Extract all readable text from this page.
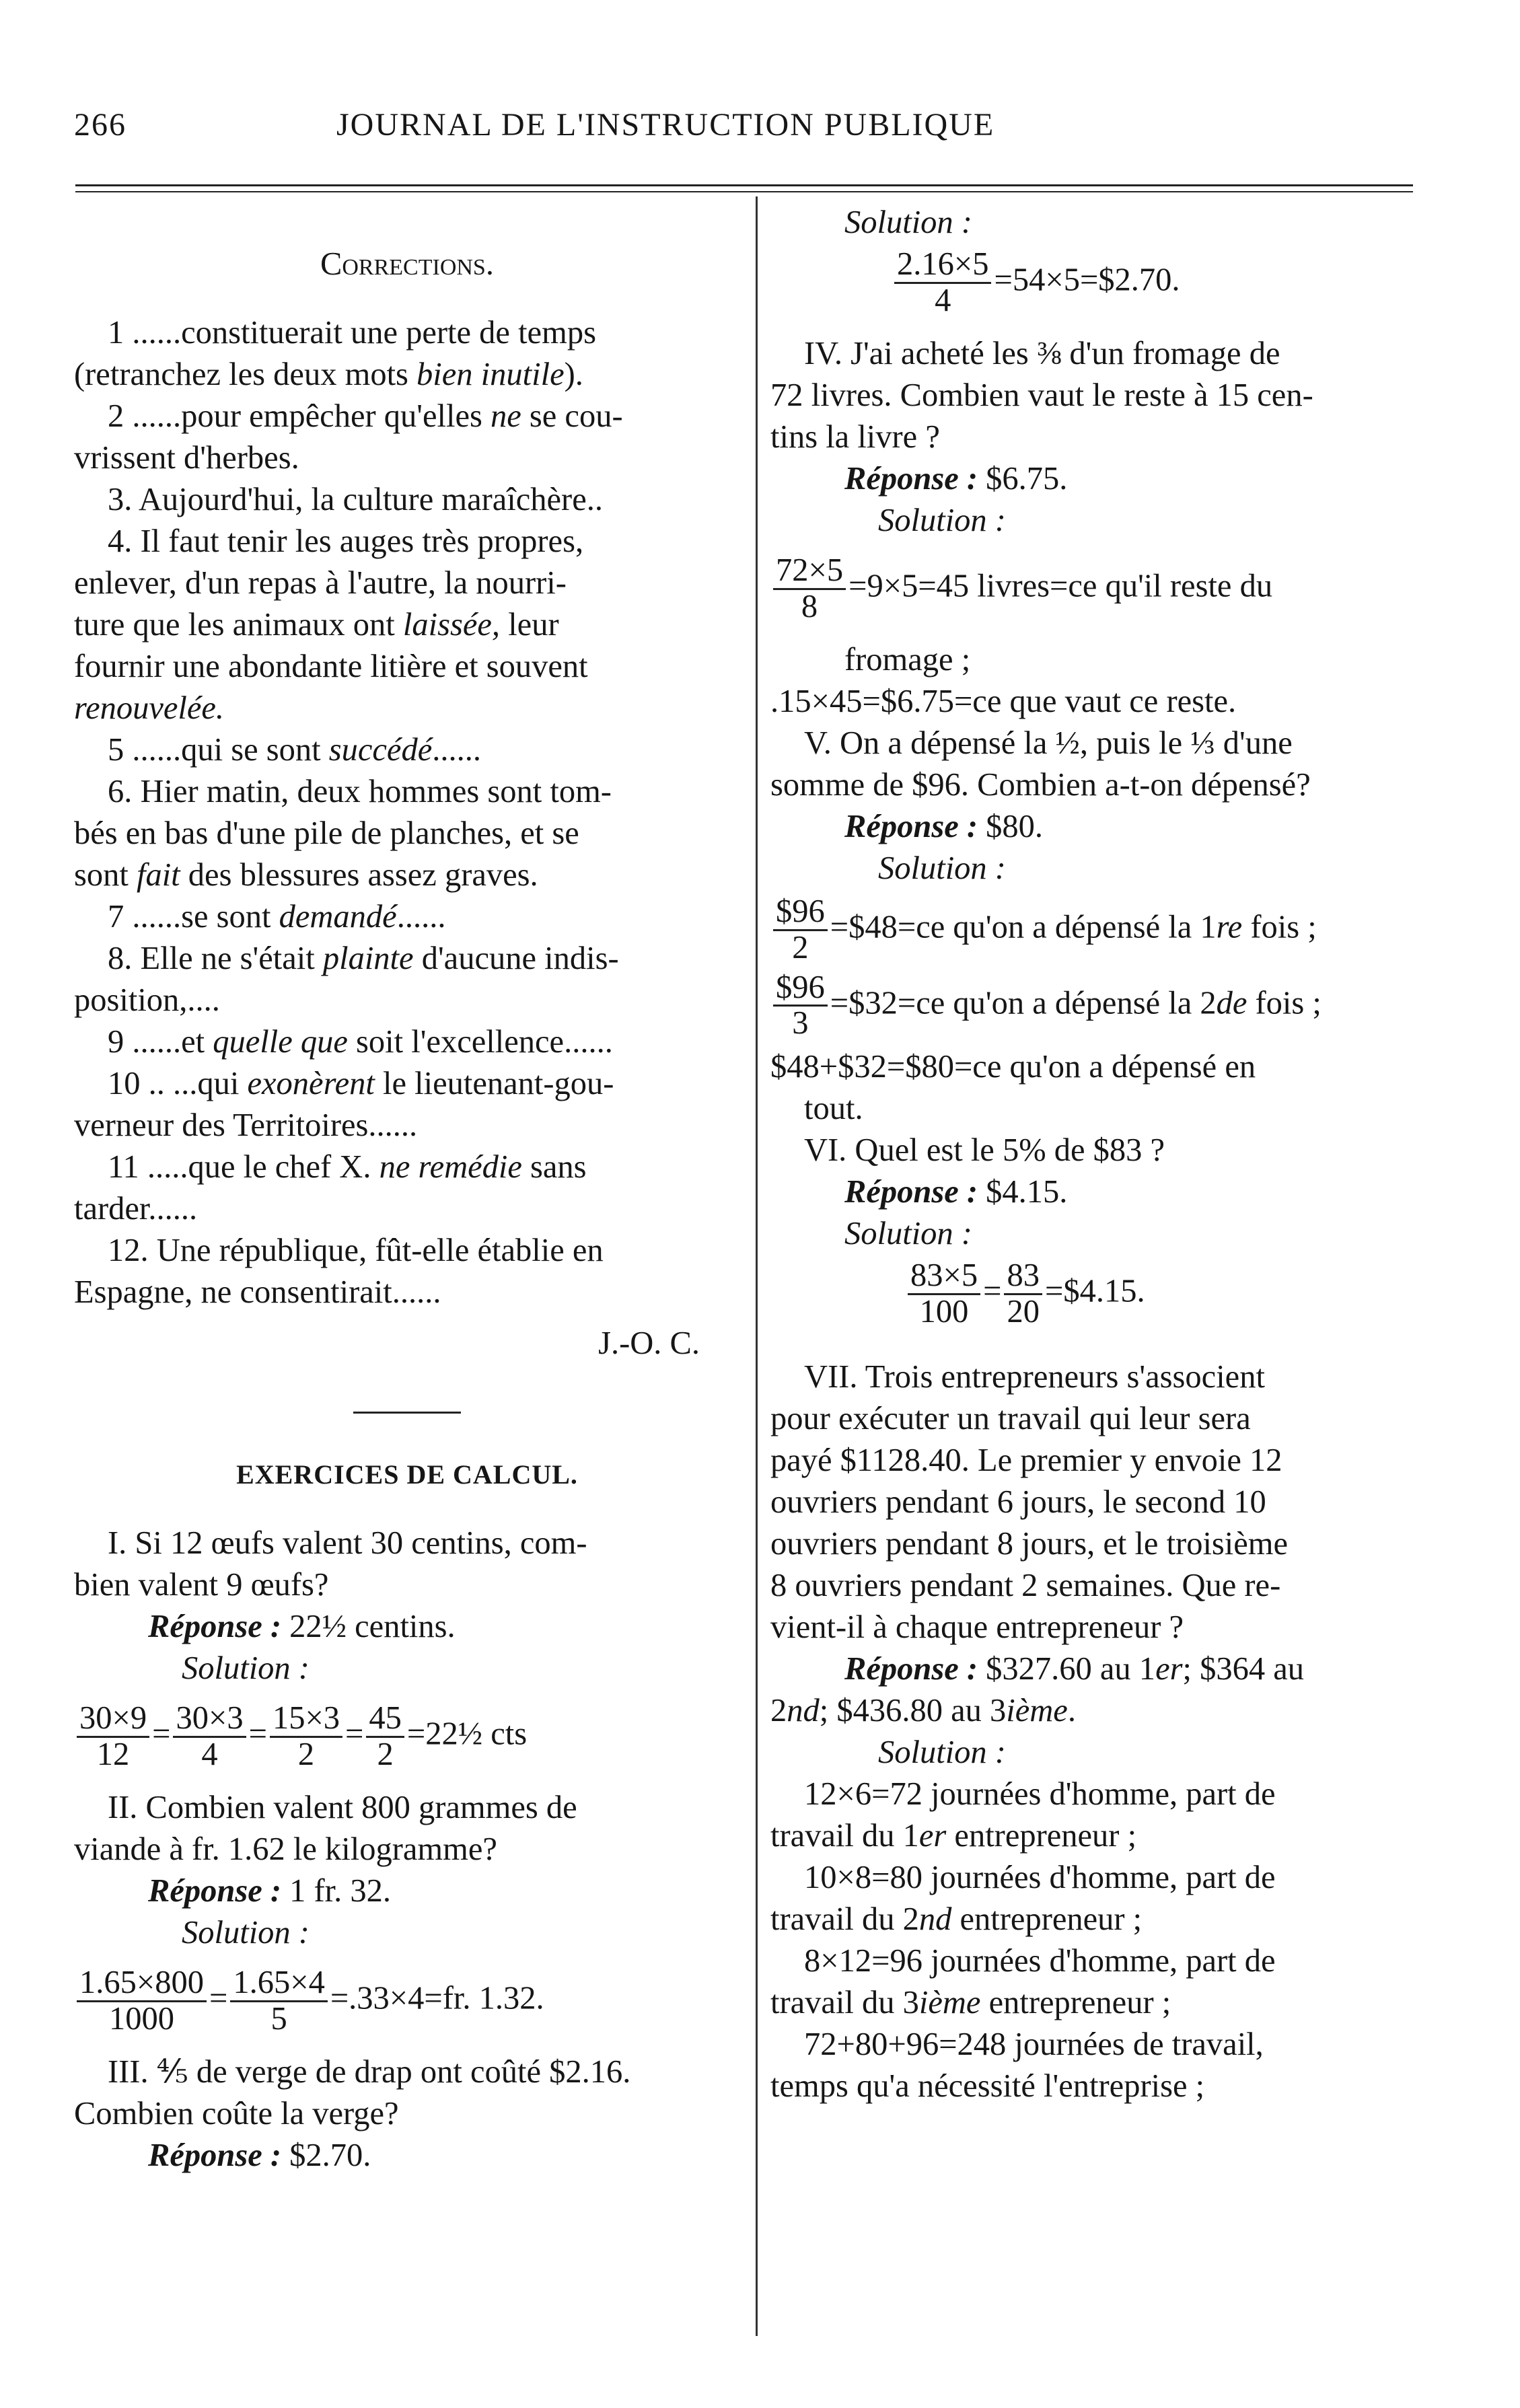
266	JOURNAL DE L'INSTRUCTION PUBLIQUE

Corrections.

1 ......constituerait une perte de temps

(retranchez les deux mots bien inutile).

2 ......pour empêcher qu'elles ne se cou-

vrissent d'herbes.

3. Aujourd'hui, la culture maraîchère..

4. Il faut tenir les auges très propres,

enlever, d'un repas à l'autre, la nourri-

ture que les animaux ont laissée, leur

fournir une abondante litière et souvent

renouvelée.

5 ......qui se sont succédé......

6. Hier matin, deux hommes sont tom-

bés en bas d'une pile de planches, et se

sont fait des blessures assez graves.

7 ......se sont demandé......

8. Elle ne s'était plainte d'aucune indis-

position,....

9 ......et quelle que soit l'excellence......

10 .. ...qui exonèrent le lieutenant-gou-

verneur des Territoires......

11 .....que le chef X. ne remédie sans

tarder......

12. Une république, fût-elle établie en

Espagne, ne consentirait......

J.-O. C.

EXERCICES DE CALCUL.

I. Si 12 œufs valent 30 centins, com-

bien valent 9 œufs?

Réponse : 22½ centins.

Solution :

$\frac{30\times 9}{12} = \frac{30\times 3}{4} = \frac{15\times 3}{2} = \frac{45}{2}$ =22½ cts

II. Combien valent 800 grammes de

viande à fr. 1.62 le kilogramme?

Réponse : 1 fr. 32.

Solution :

$\frac{1.65\times 800}{1000} = \frac{1.65\times 4}{5} =.33\times 4=fr$. 1.32.

III. ⅘ de verge de drap ont coûté $2.16.

Combien coûte la verge?

Réponse : $2.70.

Solution :

$\frac{2.16\times 5}{4}$ =54×5=$2.70.

IV. J'ai acheté les ⅜ d'un fromage de

72 livres. Combien vaut le reste à 15 cen-

tins la livre ?

Réponse : $6.75.

Solution :

$\frac{72\times 5}{8} =9\times 5=45$ livres=ce qu'il reste du

fromage ;

.15×45=$6.75=ce que vaut ce reste.

V. On a dépensé la ½, puis le ⅓ d'une

somme de $96. Combien a-t-on dépensé?

Réponse : $80.

Solution :

$\frac{\$96}{2}$ =$48=ce qu'on a dépensé la 1re fois ;

$\frac{\$96}{3}$ =$32=ce qu'on a dépensé la 2de fois ;

$48+$32=$80=ce qu'on a dépensé en

tout.

VI. Quel est le 5% de $83 ?

Réponse : $4.15.

Solution :

$\frac{83\times 5}{100} = \frac{83}{20}$ =$4.15.

VII. Trois entrepreneurs s'associent

pour exécuter un travail qui leur sera

payé $1128.40. Le premier y envoie 12

ouvriers pendant 6 jours, le second 10

ouvriers pendant 8 jours, et le troisième

8 ouvriers pendant 2 semaines. Que re-

vient-il à chaque entrepreneur ?

Réponse : $327.60 au 1er; $364 au

2nd; $436.80 au 3ième.

Solution :

12×6=72 journées d'homme, part de

travail du 1er entrepreneur ;

10×8=80 journées d'homme, part de

travail du 2nd entrepreneur ;

8×12=96 journées d'homme, part de

travail du 3ième entrepreneur ;

72+80+96=248 journées de travail,

temps qu'a nécessité l'entreprise ;
